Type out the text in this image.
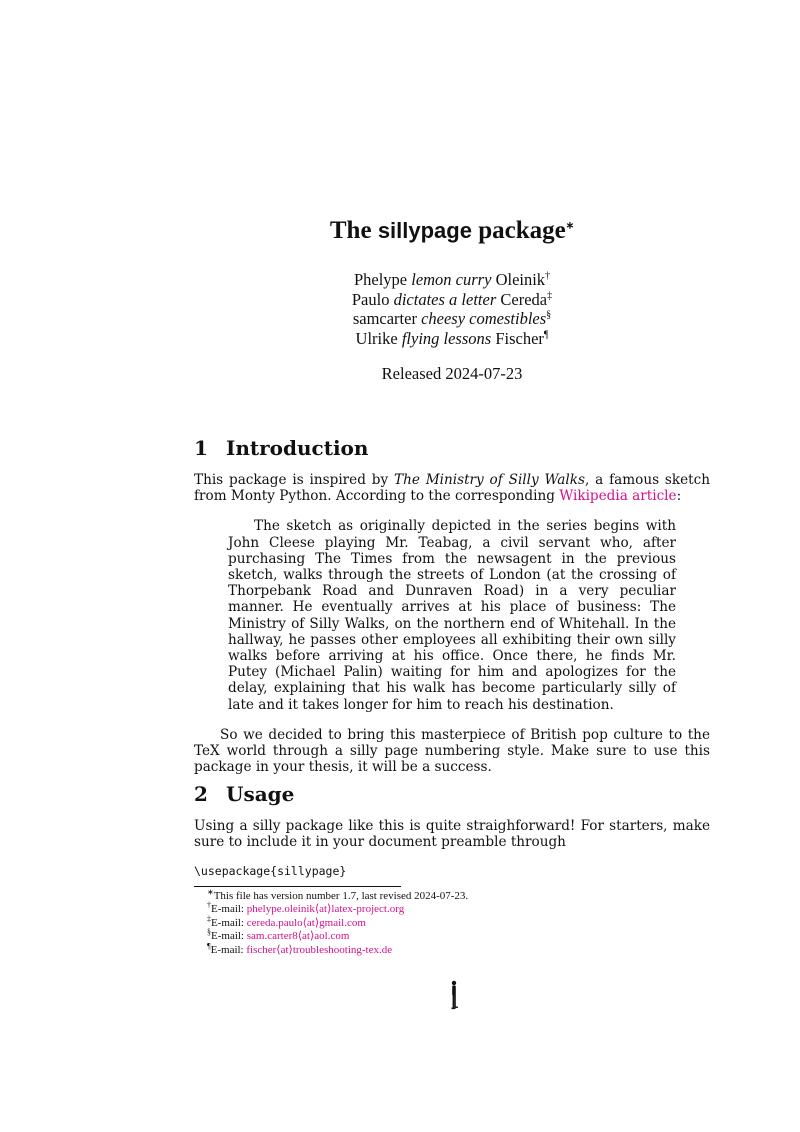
The sillypage package∗
Phelype lemon curry Oleinik†
Paulo dictates a letter Cereda‡
samcarter cheesy comestibles§
Ulrike flying lessons Fischer¶
Released 2024-07-23
1 Introduction

This package is inspired by The Ministry of Silly Walks, a famous sketch from Monty Python. According to the corresponding Wikipedia article:

The sketch as originally depicted in the series begins with John Cleese playing Mr. Teabag, a civil servant who, after purchasing The Times from the newsagent in the previous sketch, walks through the streets of London (at the crossing of Thorpebank Road and Dunraven Road) in a very peculiar manner. He eventually arrives at his place of business: The Ministry of Silly Walks, on the northern end of Whitehall. In the hallway, he passes other employees all exhibiting their own silly walks before arriving at his office. Once there, he finds Mr. Putey (Michael Palin) waiting for him and apologizes for the delay, explaining that his walk has become particularly silly of late and it takes longer for him to reach his destination.

So we decided to bring this masterpiece of British pop culture to the TeX world through a silly page numbering style. Make sure to use this package in your thesis, it will be a success.

2 Usage

Using a silly package like this is quite straighforward! For starters, make sure to include it in your document preamble through

\usepackage{sillypage}
∗This file has version number 1.7, last revised 2024-07-23.
†E-mail: phelype.oleinik⟨at⟩latex-project.org
‡E-mail: cereda.paulo⟨at⟩gmail.com
§E-mail: sam.carter8⟨at⟩aol.com
¶E-mail: fischer⟨at⟩troubleshooting-tex.de
